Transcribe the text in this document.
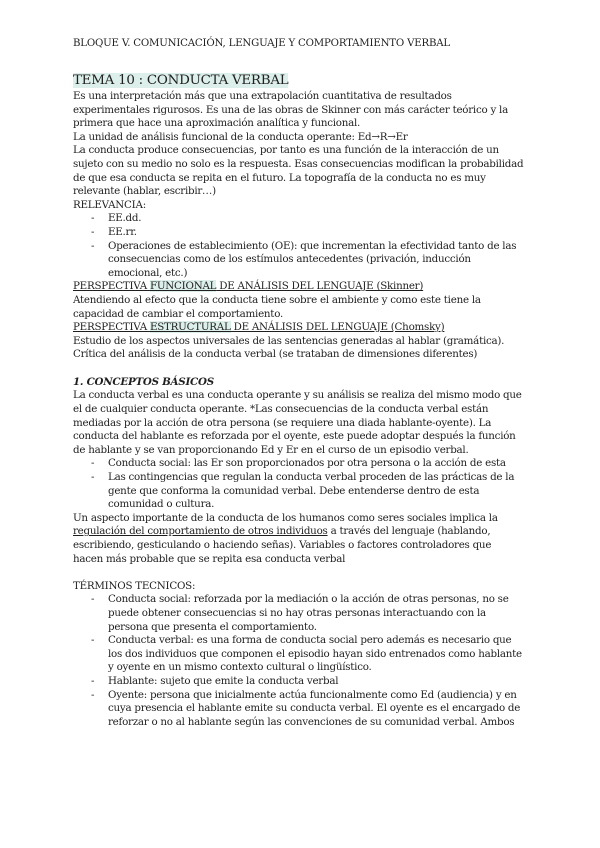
BLOQUE V. COMUNICACIÓN, LENGUAJE Y COMPORTAMIENTO VERBAL
TEMA 10 : CONDUCTA VERBAL

Es una interpretación más que una extrapolación cuantitativa de resultados experimentales rigurosos. Es una de las obras de Skinner con más carácter teórico y la primera que hace una aproximación analítica y funcional.

La unidad de análisis funcional de la conducta operante: Ed→R→Er

La conducta produce consecuencias, por tanto es una función de la interacción de un sujeto con su medio no solo es la respuesta. Esas consecuencias modifican la probabilidad de que esa conducta se repita en el futuro. La topografía de la conducta no es muy relevante (hablar, escribir…)

RELEVANCIA:

- EE.dd.
- EE.rr.
- Operaciones de establecimiento (OE): que incrementan la efectividad tanto de las consecuencias como de los estímulos antecedentes (privación, inducción emocional, etc.)

PERSPECTIVA FUNCIONAL DE ANÁLISIS DEL LENGUAJE (Skinner)

Atendiendo al efecto que la conducta tiene sobre el ambiente y como este tiene la capacidad de cambiar el comportamiento.

PERSPECTIVA ESTRUCTURAL DE ANÁLISIS DEL LENGUAJE (Chomsky)

Estudio de los aspectos universales de las sentencias generadas al hablar (gramática). Crítica del análisis de la conducta verbal (se trataban de dimensiones diferentes)

1. CONCEPTOS BÁSICOS

La conducta verbal es una conducta operante y su análisis se realiza del mismo modo que el de cualquier conducta operante. *Las consecuencias de la conducta verbal están mediadas por la acción de otra persona (se requiere una diada hablante-oyente). La conducta del hablante es reforzada por el oyente, este puede adoptar después la función de hablante y se van proporcionando Ed y Er en el curso de un episodio verbal.

- Conducta social: las Er son proporcionados por otra persona o la acción de esta
- Las contingencias que regulan la conducta verbal proceden de las prácticas de la gente que conforma la comunidad verbal. Debe entenderse dentro de esta comunidad o cultura.

Un aspecto importante de la conducta de los humanos como seres sociales implica la regulación del comportamiento de otros individuos a través del lenguaje (hablando, escribiendo, gesticulando o haciendo señas). Variables o factores controladores que hacen más probable que se repita esa conducta verbal

TÉRMINOS TECNICOS:

- Conducta social: reforzada por la mediación o la acción de otras personas, no se puede obtener consecuencias si no hay otras personas interactuando con la persona que presenta el comportamiento.
- Conducta verbal: es una forma de conducta social pero además es necesario que los dos individuos que componen el episodio hayan sido entrenados como hablante y oyente en un mismo contexto cultural o lingüístico.
- Hablante: sujeto que emite la conducta verbal
- Oyente: persona que inicialmente actúa funcionalmente como Ed (audiencia) y en cuya presencia el hablante emite su conducta verbal. El oyente es el encargado de reforzar o no al hablante según las convenciones de su comunidad verbal. Ambos
